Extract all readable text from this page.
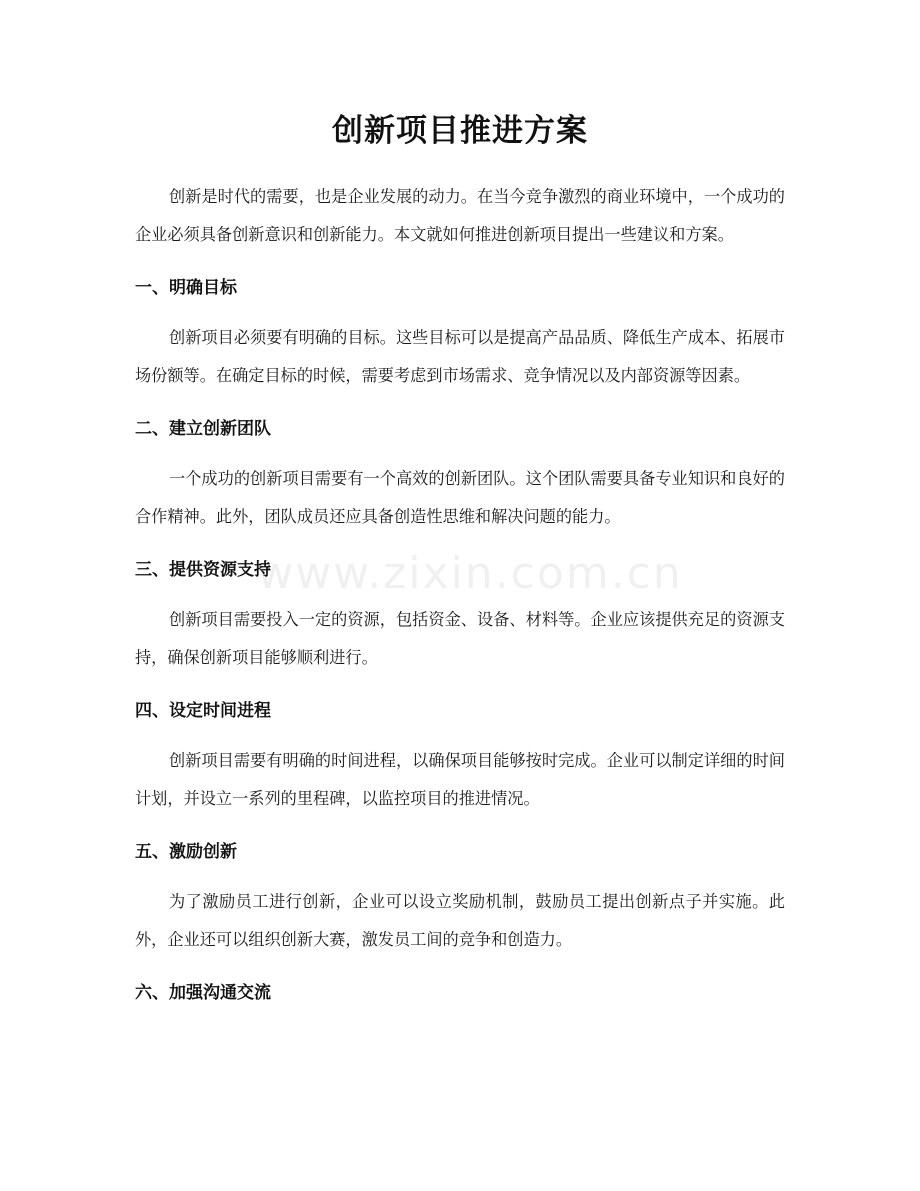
创新项目推进方案
www.zixin.com.cn

创新是时代的需要，也是企业发展的动力。在当今竞争激烈的商业环境中，一个成功的企业必须具备创新意识和创新能力。本文就如何推进创新项目提出一些建议和方案。

一、明确目标

创新项目必须要有明确的目标。这些目标可以是提高产品品质、降低生产成本、拓展市场份额等。在确定目标的时候，需要考虑到市场需求、竞争情况以及内部资源等因素。

二、建立创新团队

一个成功的创新项目需要有一个高效的创新团队。这个团队需要具备专业知识和良好的合作精神。此外，团队成员还应具备创造性思维和解决问题的能力。

三、提供资源支持

创新项目需要投入一定的资源，包括资金、设备、材料等。企业应该提供充足的资源支持，确保创新项目能够顺利进行。

四、设定时间进程

创新项目需要有明确的时间进程，以确保项目能够按时完成。企业可以制定详细的时间计划，并设立一系列的里程碑，以监控项目的推进情况。

五、激励创新

为了激励员工进行创新，企业可以设立奖励机制，鼓励员工提出创新点子并实施。此外，企业还可以组织创新大赛，激发员工间的竞争和创造力。

六、加强沟通交流
